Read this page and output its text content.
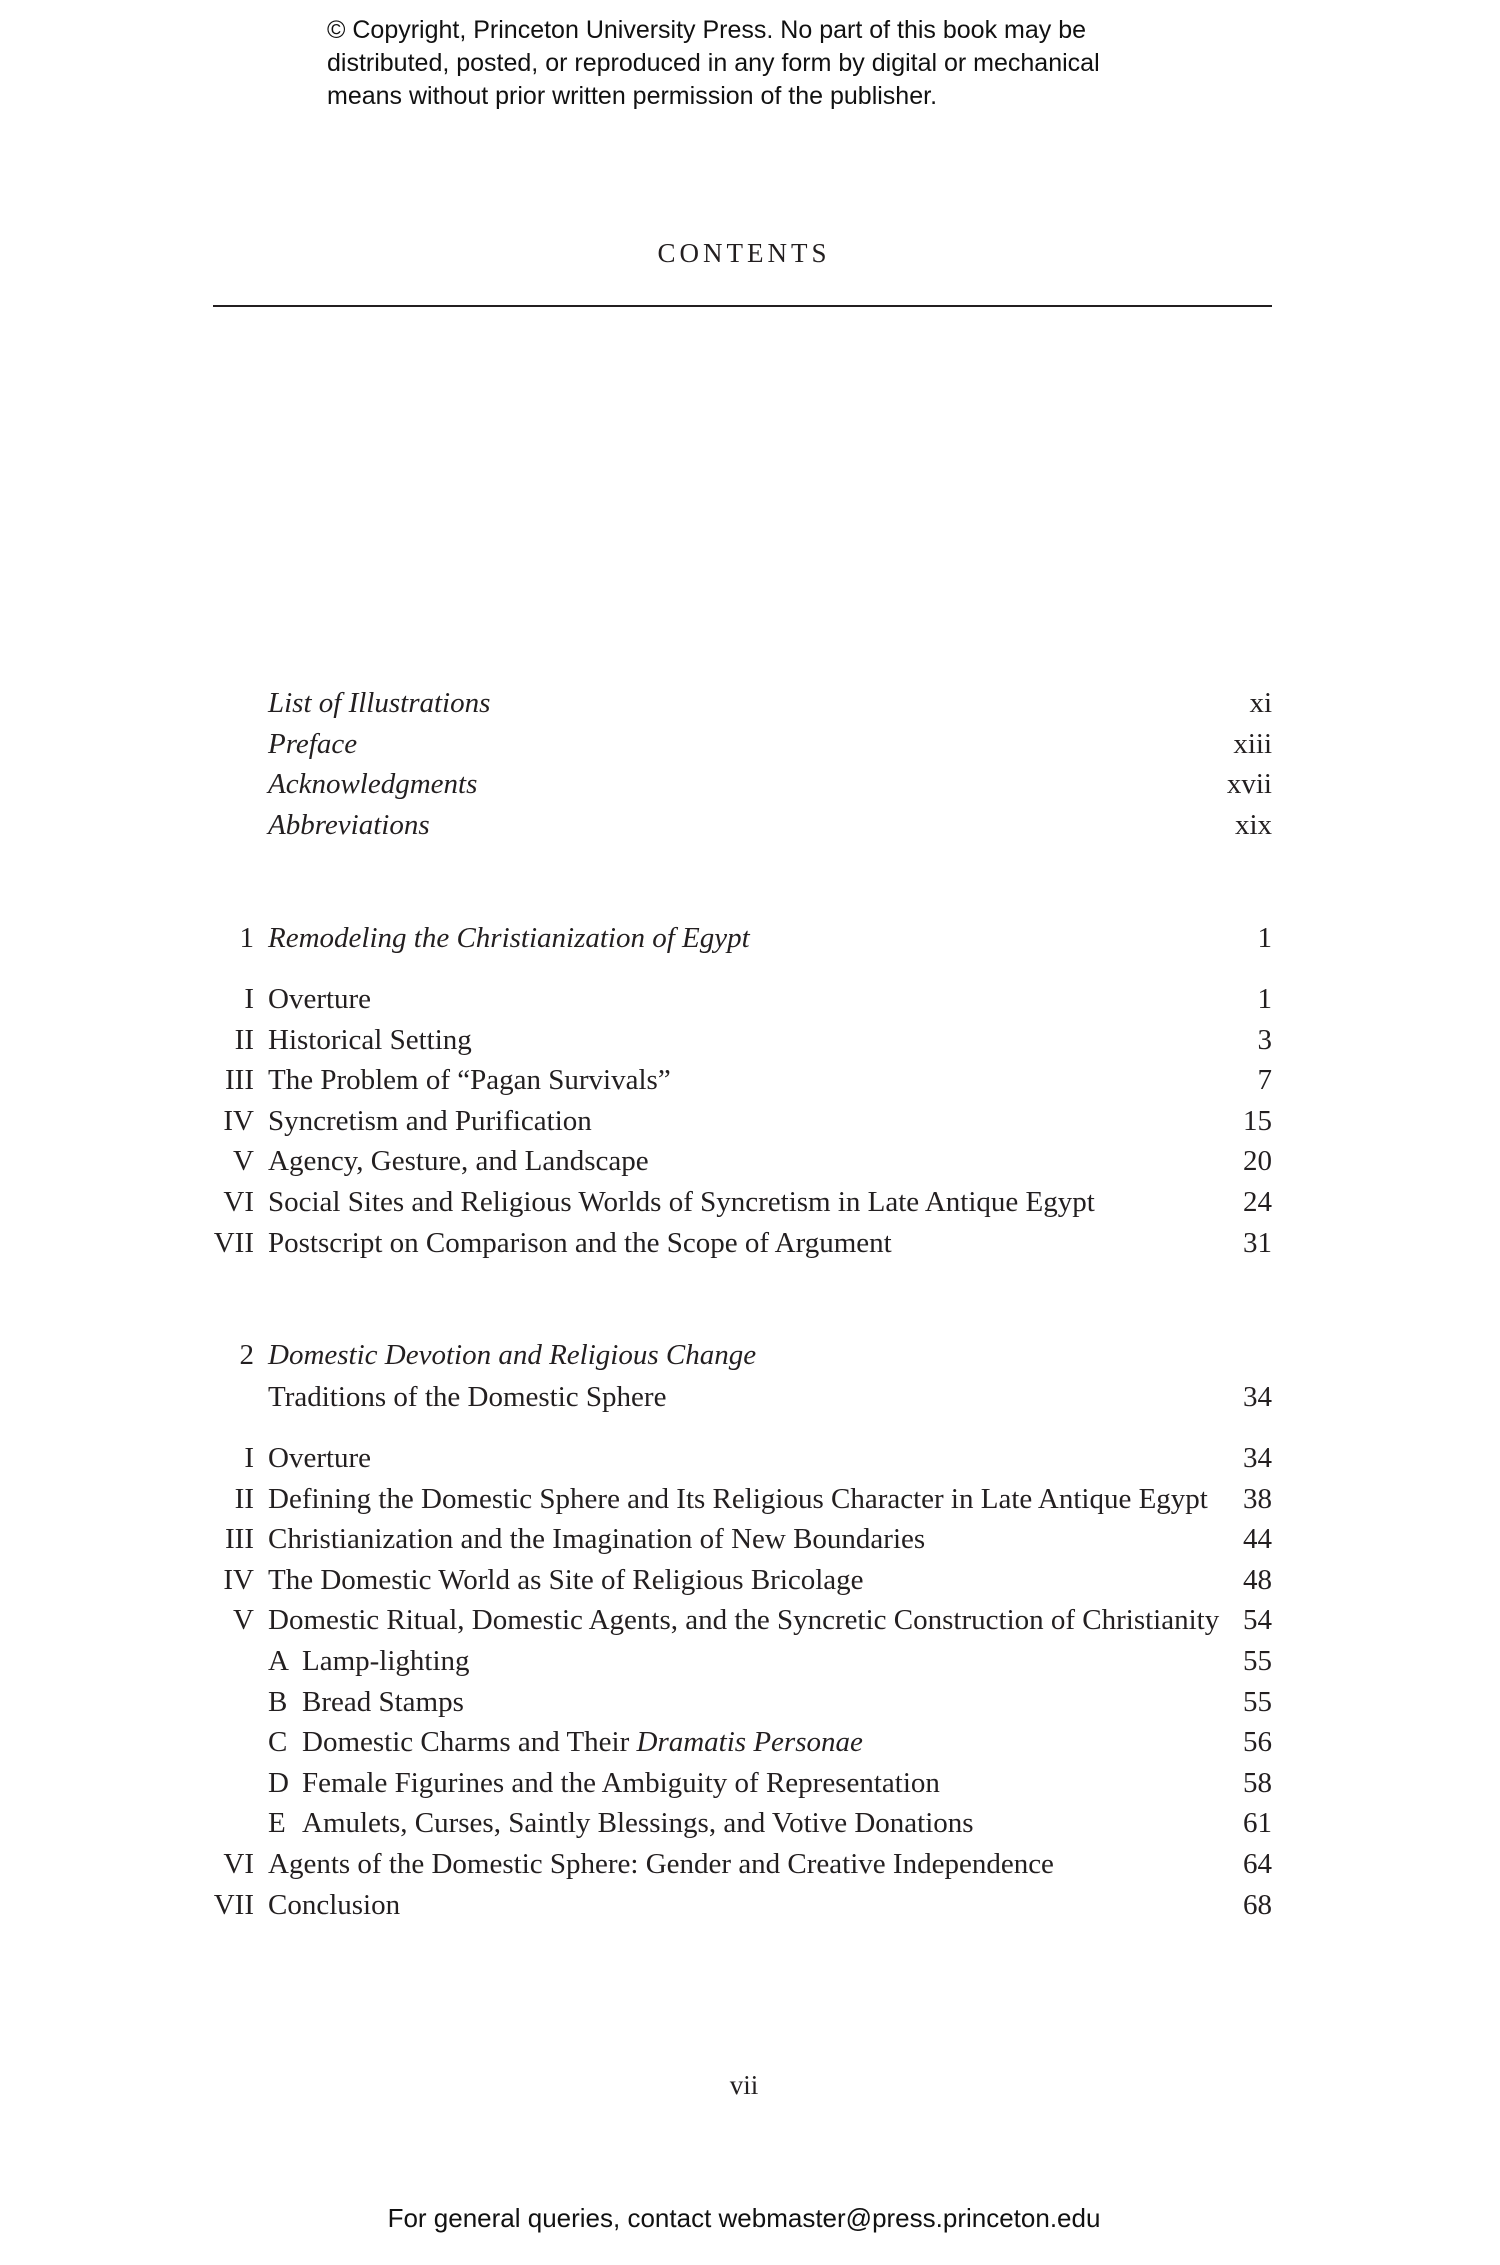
© Copyright, Princeton University Press. No part of this book may be
distributed, posted, or reproduced in any form by digital or mechanical
means without prior written permission of the publisher.
CONTENTS
List of Illustrations	xi
Preface	xiii
Acknowledgments	xvii
Abbreviations	xix
1 Remodeling the Christianization of Egypt	1
I Overture	1
II Historical Setting	3
III The Problem of “Pagan Survivals”	7
IV Syncretism and Purification	15
V Agency, Gesture, and Landscape	20
VI Social Sites and Religious Worlds of Syncretism in Late Antique Egypt	24
VII Postscript on Comparison and the Scope of Argument	31
2 Domestic Devotion and Religious Change
Traditions of the Domestic Sphere	34
I Overture	34
II Defining the Domestic Sphere and Its Religious Character in Late Antique Egypt 38
III Christianization and the Imagination of New Boundaries	44
IV The Domestic World as Site of Religious Bricolage	48
V Domestic Ritual, Domestic Agents, and the Syncretic Construction of Christianity 54
A Lamp-lighting	55
B Bread Stamps	55
C Domestic Charms and Their Dramatis Personae	56
D Female Figurines and the Ambiguity of Representation	58
E Amulets, Curses, Saintly Blessings, and Votive Donations	61
VI Agents of the Domestic Sphere: Gender and Creative Independence	64
VII Conclusion	68
vii
For general queries, contact webmaster@press.princeton.edu
